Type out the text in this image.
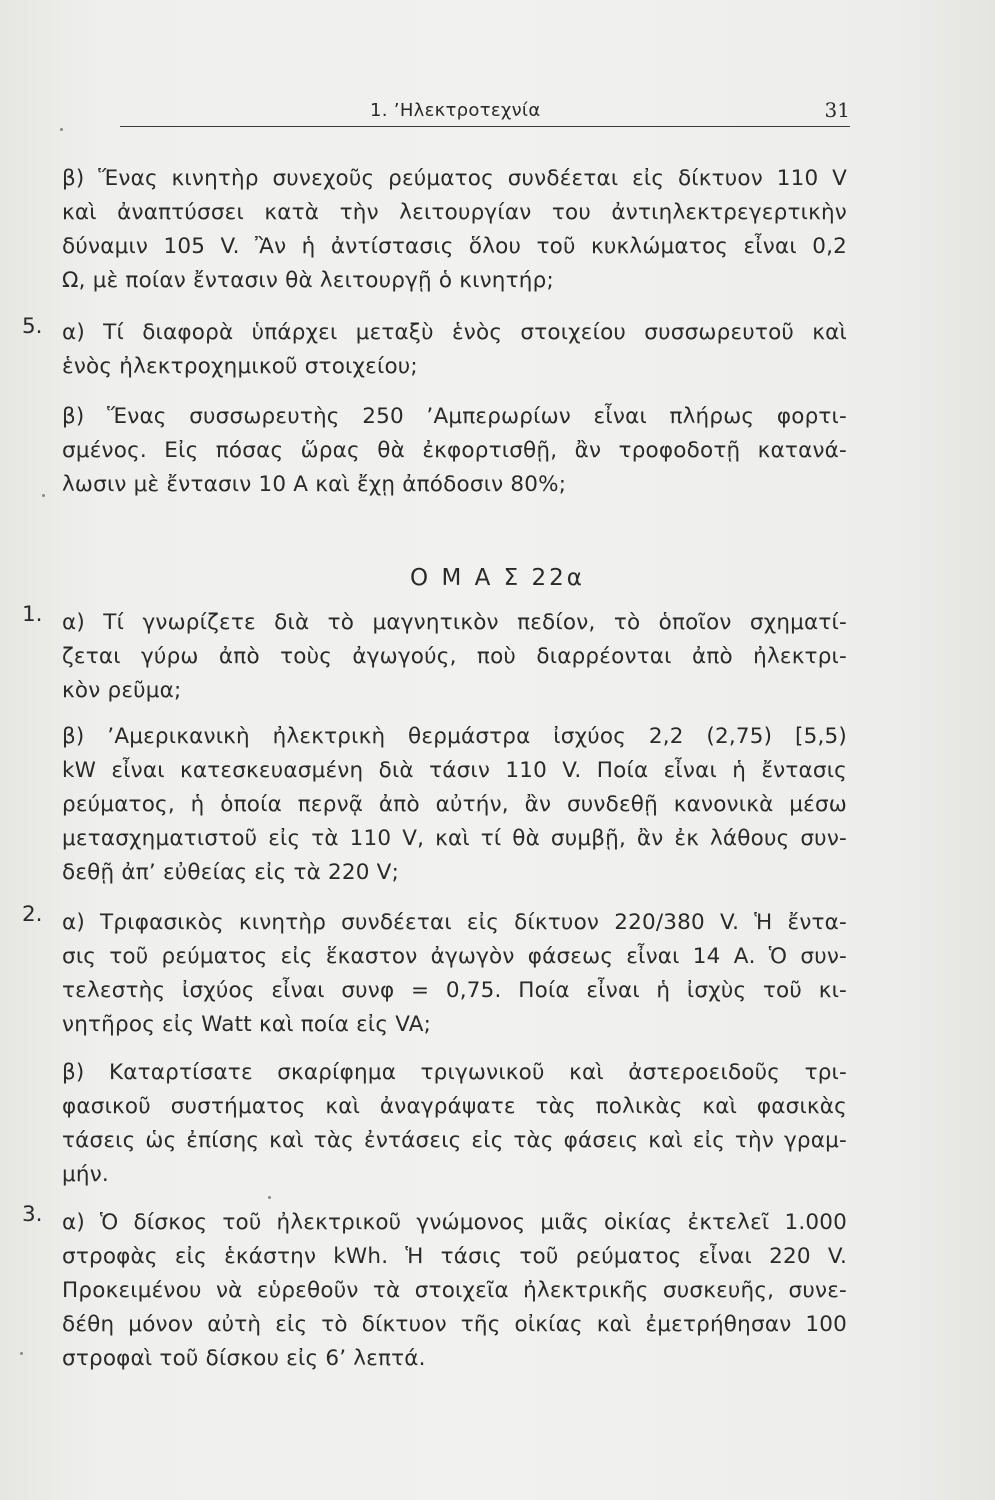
1. ’Ηλεκτροτεχνία	31
β) Ἕνας κινητὴρ συνεχοῦς ρεύματος συνδέεται εἰς δίκτυον 110 V
καὶ ἀναπτύσσει κατὰ τὴν λειτουργίαν του ἀντιηλεκτρεγερτικὴν
δύναμιν 105 V. Ἂν ἡ ἀντίστασις ὅλου τοῦ κυκλώματος εἶναι 0,2
Ω, μὲ ποίαν ἔντασιν θὰ λειτουργῇ ὁ κινητήρ;
5. α) Τί διαφορὰ ὑπάρχει μεταξὺ ἑνὸς στοιχείου συσσωρευτοῦ καὶ
ἑνὸς ἠλεκτροχημικοῦ στοιχείου;
β) Ἕνας συσσωρευτὴς 250 ’Αμπερωρίων εἶναι πλήρως φορτι-
σμένος. Εἰς πόσας ὥρας θὰ ἐκφορτισθῇ, ἂν τροφοδοτῇ κατανά-
λωσιν μὲ ἔντασιν 10 Α καὶ ἔχῃ ἀπόδοσιν 80%;
Ο Μ Α Σ 22α
1. α) Τί γνωρίζετε διὰ τὸ μαγνητικὸν πεδίον, τὸ ὁποῖον σχηματί-
ζεται γύρω ἀπὸ τοὺς ἀγωγούς, ποὺ διαρρέονται ἀπὸ ἠλεκτρι-
κὸν ρεῦμα;
β) ’Αμερικανικὴ ἠλεκτρικὴ θερμάστρα ἰσχύος 2,2 (2,75) [5,5)
kW εἶναι κατεσκευασμένη διὰ τάσιν 110 V. Ποία εἶναι ἡ ἔντασις
ρεύματος, ἡ ὁποία περνᾷ ἀπὸ αὐτήν, ἂν συνδεθῇ κανονικὰ μέσω
μετασχηματιστοῦ εἰς τὰ 110 V, καὶ τί θὰ συμβῇ, ἂν ἐκ λάθους συν-
δεθῇ ἀπ’ εὐθείας εἰς τὰ 220 V;
2. α) Τριφασικὸς κινητὴρ συνδέεται εἰς δίκτυον 220/380 V. Ἡ ἔντα-
σις τοῦ ρεύματος εἰς ἕκαστον ἀγωγὸν φάσεως εἶναι 14 Α. Ὁ συν-
τελεστὴς ἰσχύος εἶναι συνφ = 0,75. Ποία εἶναι ἡ ἰσχὺς τοῦ κι-
νητῆρος εἰς Watt καὶ ποία εἰς VA;
β) Καταρτίσατε σκαρίφημα τριγωνικοῦ καὶ ἀστεροειδοῦς τρι-
φασικοῦ συστήματος καὶ ἀναγράψατε τὰς πολικὰς καὶ φασικὰς
τάσεις ὡς ἐπίσης καὶ τὰς ἐντάσεις εἰς τὰς φάσεις καὶ εἰς τὴν γραμ-
μήν.
3. α) Ὁ δίσκος τοῦ ἠλεκτρικοῦ γνώμονος μιᾶς οἰκίας ἐκτελεῖ 1.000
στροφὰς εἰς ἑκάστην kWh. Ἡ τάσις τοῦ ρεύματος εἶναι 220 V.
Προκειμένου νὰ εὑρεθοῦν τὰ στοιχεῖα ἠλεκτρικῆς συσκευῆς, συνε-
δέθη μόνον αὐτὴ εἰς τὸ δίκτυον τῆς οἰκίας καὶ ἐμετρήθησαν 100
στροφαὶ τοῦ δίσκου εἰς 6’ λεπτά.
